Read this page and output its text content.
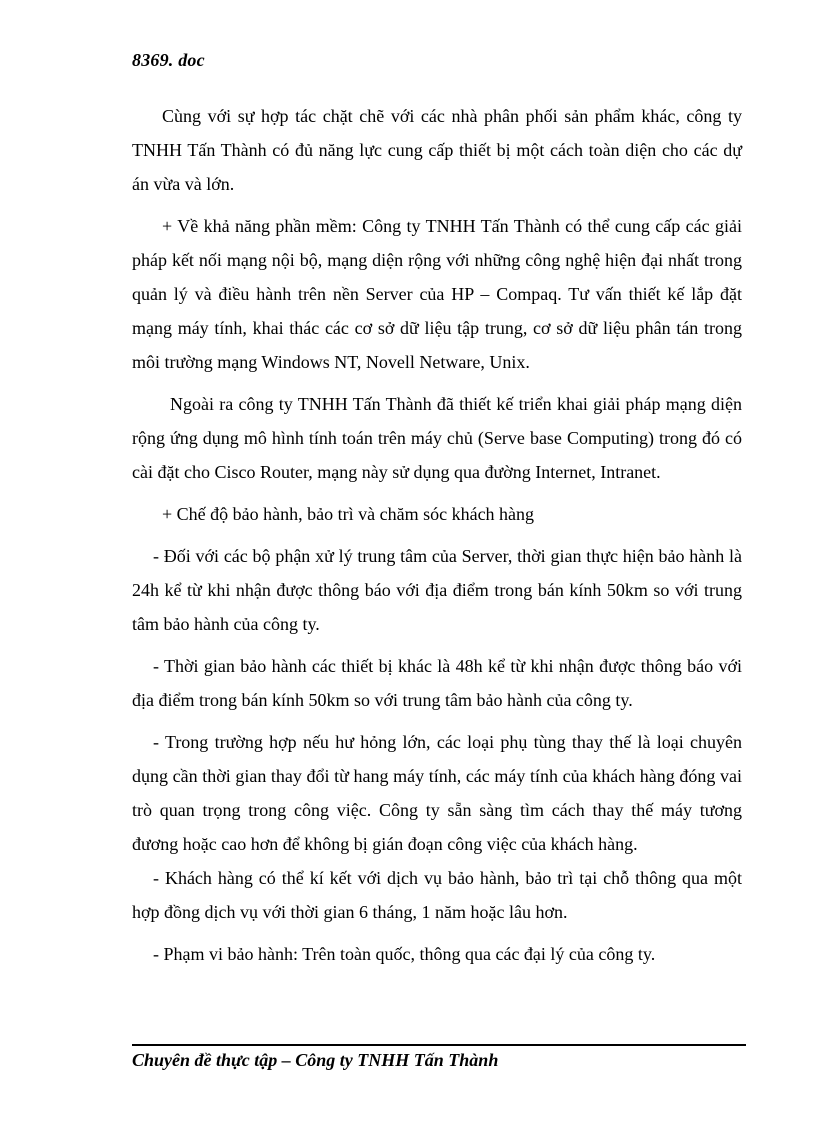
8369. doc

Cùng với sự hợp tác chặt chẽ với các nhà phân phối sản phẩm khác, công ty TNHH Tấn Thành có đủ năng lực cung cấp thiết bị một cách toàn diện cho các dự án vừa và lớn.

+ Về khả năng phần mềm: Công ty TNHH Tấn Thành có thể cung cấp các giải pháp kết nối mạng nội bộ, mạng diện rộng với những công nghệ hiện đại nhất trong quản lý và điều hành trên nền Server của HP – Compaq. Tư vấn thiết kế lắp đặt mạng máy tính, khai thác các cơ sở dữ liệu tập trung, cơ sở dữ liệu phân tán trong môi trường mạng Windows NT, Novell Netware, Unix.

Ngoài ra công ty TNHH Tấn Thành đã thiết kế triển khai giải pháp mạng diện rộng ứng dụng mô hình tính toán trên máy chủ (Serve base Computing) trong đó có cài đặt cho Cisco Router, mạng này sử dụng qua đường Internet, Intranet.

+ Chế độ bảo hành, bảo trì và chăm sóc khách hàng

- Đối với các bộ phận xử lý trung tâm của Server, thời gian thực hiện bảo hành là 24h kể từ khi nhận được thông báo với địa điểm trong bán kính 50km so với trung tâm bảo hành của công ty.

- Thời gian bảo hành các thiết bị khác là 48h kể từ khi nhận được thông báo với địa điểm trong bán kính 50km so với trung tâm bảo hành của công ty.

- Trong trường hợp nếu hư hỏng lớn, các loại phụ tùng thay thế là loại chuyên dụng cần thời gian thay đổi từ hang máy tính, các máy tính của khách hàng đóng vai trò quan trọng trong công việc. Công ty sẵn sàng tìm cách thay thế máy tương đương hoặc cao hơn để không bị gián đoạn công việc của khách hàng.

- Khách hàng có thể kí kết với dịch vụ bảo hành, bảo trì tại chỗ thông qua một hợp đồng dịch vụ với thời gian 6 tháng, 1 năm hoặc lâu hơn.

- Phạm vi bảo hành: Trên toàn quốc, thông qua các đại lý của công ty.

Chuyên đề thực tập – Công ty TNHH Tấn Thành
